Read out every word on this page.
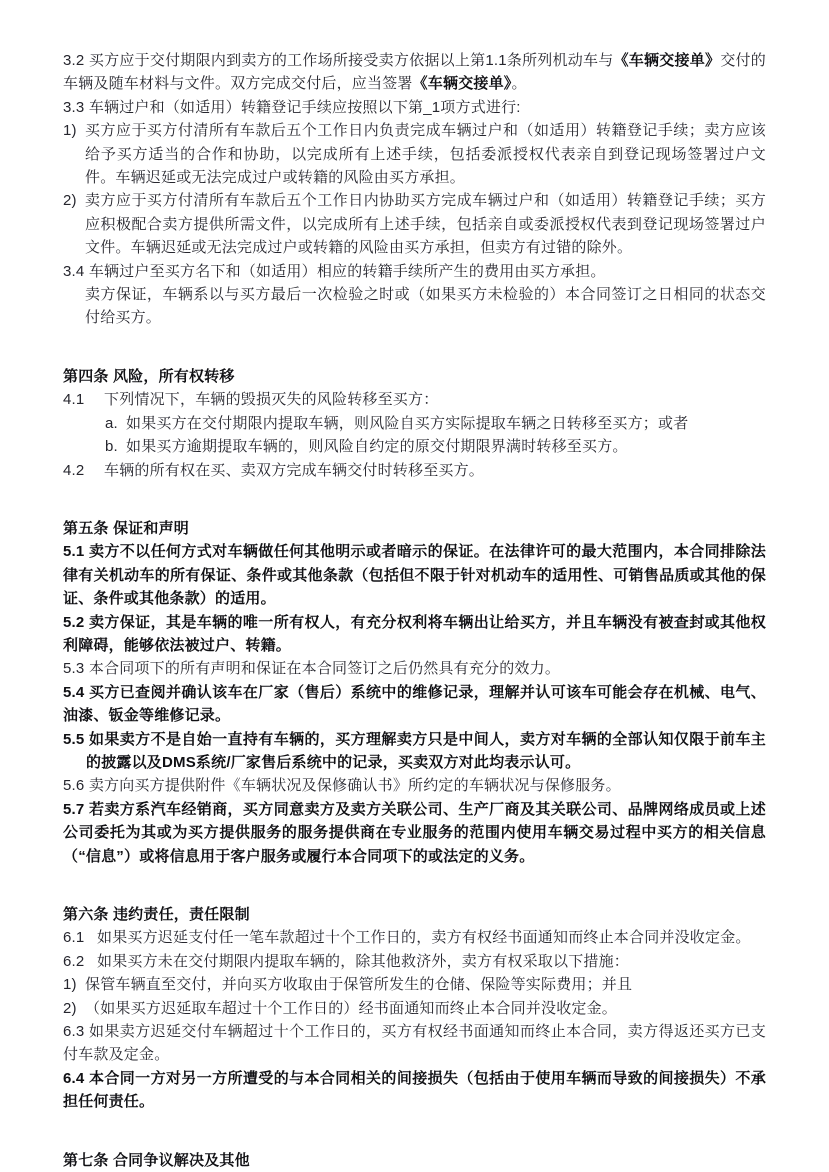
3.2 买方应于交付期限内到卖方的工作场所接受卖方依据以上第1.1条所列机动车与《车辆交接单》交付的车辆及随车材料与文件。双方完成交付后，应当签署《车辆交接单》。

3.3 车辆过户和（如适用）转籍登记手续应按照以下第_1项方式进行:

1) 买方应于买方付清所有车款后五个工作日内负责完成车辆过户和（如适用）转籍登记手续；卖方应该给予买方适当的合作和协助，以完成所有上述手续，包括委派授权代表亲自到登记现场签署过户文件。车辆迟延或无法完成过户或转籍的风险由买方承担。

2) 卖方应于买方付清所有车款后五个工作日内协助买方完成车辆过户和（如适用）转籍登记手续；买方应积极配合卖方提供所需文件，以完成所有上述手续，包括亲自或委派授权代表到登记现场签署过户文件。车辆迟延或无法完成过户或转籍的风险由买方承担，但卖方有过错的除外。

3.4 车辆过户至买方名下和（如适用）相应的转籍手续所产生的费用由买方承担。

卖方保证，车辆系以与买方最后一次检验之时或（如果买方未检验的）本合同签订之日相同的状态交付给买方。

第四条 风险，所有权转移

4.1 下列情况下，车辆的毁损灭失的风险转移至买方：

a. 如果买方在交付期限内提取车辆，则风险自买方实际提取车辆之日转移至买方；或者

b. 如果买方逾期提取车辆的，则风险自约定的原交付期限界满时转移至买方。

4.2 车辆的所有权在买、卖双方完成车辆交付时转移至买方。

第五条 保证和声明

5.1 卖方不以任何方式对车辆做任何其他明示或者暗示的保证。在法律许可的最大范围内，本合同排除法律有关机动车的所有保证、条件或其他条款（包括但不限于针对机动车的适用性、可销售品质或其他的保证、条件或其他条款）的适用。

5.2 卖方保证，其是车辆的唯一所有权人，有充分权利将车辆出让给买方，并且车辆没有被查封或其他权利障碍，能够依法被过户、转籍。

5.3 本合同项下的所有声明和保证在本合同签订之后仍然具有充分的效力。

5.4 买方已查阅并确认该车在厂家（售后）系统中的维修记录，理解并认可该车可能会存在机械、电气、油漆、钣金等维修记录。

5.5 如果卖方不是自始一直持有车辆的，买方理解卖方只是中间人，卖方对车辆的全部认知仅限于前车主的披露以及DMS系统/厂家售后系统中的记录，买卖双方对此均表示认可。

5.6 卖方向买方提供附件《车辆状况及保修确认书》所约定的车辆状况与保修服务。

5.7 若卖方系汽车经销商，买方同意卖方及卖方关联公司、生产厂商及其关联公司、品牌网络成员或上述公司委托为其或为买方提供服务的服务提供商在专业服务的范围内使用车辆交易过程中买方的相关信息（“信息”）或将信息用于客户服务或履行本合同项下的或法定的义务。

第六条 违约责任，责任限制

6.1 如果买方迟延支付任一笔车款超过十个工作日的，卖方有权经书面通知而终止本合同并没收定金。

6.2 如果买方未在交付期限内提取车辆的，除其他救济外，卖方有权采取以下措施：

1) 保管车辆直至交付，并向买方收取由于保管所发生的仓储、保险等实际费用；并且

2) （如果买方迟延取车超过十个工作日的）经书面通知而终止本合同并没收定金。

6.3 如果卖方迟延交付车辆超过十个工作日的，买方有权经书面通知而终止本合同，卖方得返还买方已支付车款及定金。

6.4 本合同一方对另一方所遭受的与本合同相关的间接损失（包括由于使用车辆而导致的间接损失）不承担任何责任。

第七条 合同争议解决及其他
